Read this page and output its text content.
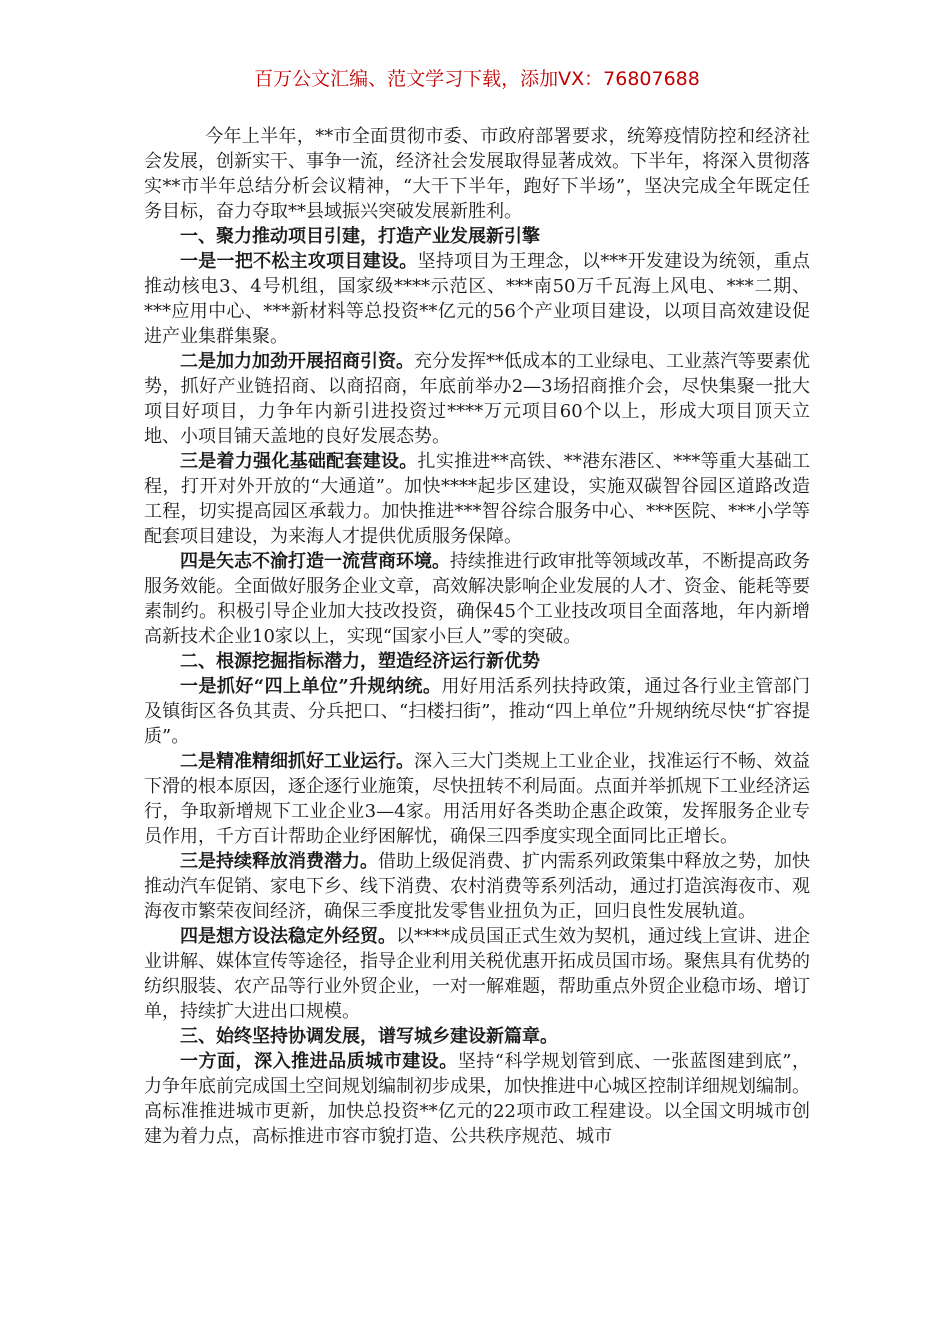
百万公文汇编、范文学习下载，添加VX：76807688

今年上半年，**市全面贯彻市委、市政府部署要求，统筹疫情防控和经济社会发展，创新实干、事争一流，经济社会发展取得显著成效。下半年，将深入贯彻落实**市半年总结分析会议精神，“大干下半年，跑好下半场”，坚决完成全年既定任务目标，奋力夺取**县域振兴突破发展新胜利。

一、聚力推动项目引建，打造产业发展新引擎

一是一把不松主攻项目建设。坚持项目为王理念，以***开发建设为统领，重点推动核电3、4号机组，国家级****示范区、***南50万千瓦海上风电、***二期、***应用中心、***新材料等总投资**亿元的56个产业项目建设，以项目高效建设促进产业集群集聚。

二是加力加劲开展招商引资。充分发挥**低成本的工业绿电、工业蒸汽等要素优势，抓好产业链招商、以商招商，年底前举办2—3场招商推介会，尽快集聚一批大项目好项目，力争年内新引进投资过****万元项目60个以上，形成大项目顶天立地、小项目铺天盖地的良好发展态势。

三是着力强化基础配套建设。扎实推进**高铁、**港东港区、***等重大基础工程，打开对外开放的“大通道”。加快****起步区建设，实施双碳智谷园区道路改造工程，切实提高园区承载力。加快推进***智谷综合服务中心、***医院、***小学等配套项目建设，为来海人才提供优质服务保障。

四是矢志不渝打造一流营商环境。持续推进行政审批等领域改革，不断提高政务服务效能。全面做好服务企业文章，高效解决影响企业发展的人才、资金、能耗等要素制约。积极引导企业加大技改投资，确保45个工业技改项目全面落地，年内新增高新技术企业10家以上，实现“国家小巨人”零的突破。

二、根源挖掘指标潜力，塑造经济运行新优势

一是抓好“四上单位”升规纳统。用好用活系列扶持政策，通过各行业主管部门及镇街区各负其责、分兵把口、“扫楼扫街”，推动“四上单位”升规纳统尽快“扩容提质”。

二是精准精细抓好工业运行。深入三大门类规上工业企业，找准运行不畅、效益下滑的根本原因，逐企逐行业施策，尽快扭转不利局面。点面并举抓规下工业经济运行，争取新增规下工业企业3—4家。用活用好各类助企惠企政策，发挥服务企业专员作用，千方百计帮助企业纾困解忧，确保三四季度实现全面同比正增长。

三是持续释放消费潜力。借助上级促消费、扩内需系列政策集中释放之势，加快推动汽车促销、家电下乡、线下消费、农村消费等系列活动，通过打造滨海夜市、观海夜市繁荣夜间经济，确保三季度批发零售业扭负为正，回归良性发展轨道。

四是想方设法稳定外经贸。以****成员国正式生效为契机，通过线上宣讲、进企业讲解、媒体宣传等途径，指导企业利用关税优惠开拓成员国市场。聚焦具有优势的纺织服装、农产品等行业外贸企业，一对一解难题，帮助重点外贸企业稳市场、增订单，持续扩大进出口规模。

三、始终坚持协调发展，谱写城乡建设新篇章。

一方面，深入推进品质城市建设。坚持“科学规划管到底、一张蓝图建到底”，力争年底前完成国土空间规划编制初步成果，加快推进中心城区控制详细规划编制。高标准推进城市更新，加快总投资**亿元的22项市政工程建设。以全国文明城市创建为着力点，高标推进市容市貌打造、公共秩序规范、城市
